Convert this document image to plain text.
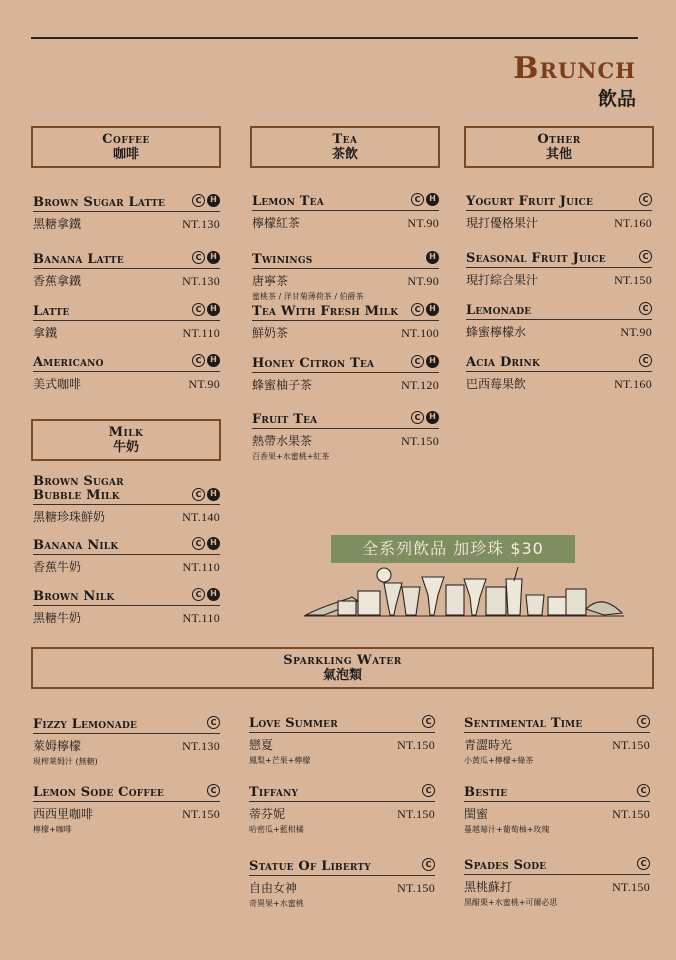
Brunch
飲品
Coffee
咖啡
Tea
茶飲
Other
其他
Milk
牛奶
Sparkling Water
氣泡類
Brown Sugar Latte	C	H
黑糖拿鐵	NT.130
Banana Latte	C	H
香蕉拿鐵	NT.130
Latte	C	H
拿鐵	NT.110
Americano	C	H
美式咖啡	NT.90
Lemon Tea	C	H
檸檬紅茶	NT.90
Twinings	H
唐寧茶	NT.90
蜜桃茶 / 洋甘菊薄荷茶 / 伯爵茶
Tea With Fresh Milk	C	H
鮮奶茶	NT.100
Honey Citron Tea	C	H
蜂蜜柚子茶	NT.120
Fruit Tea	C	H
熱帶水果茶	NT.150
百香果+水蜜桃+紅茶
Yogurt Fruit Juice	C
現打優格果汁	NT.160
Seasonal Fruit Juice	C
現打綜合果汁	NT.150
Lemonade	C
蜂蜜檸檬水	NT.90
Acia Drink	C
巴西莓果飲	NT.160
Brown Sugar
Bubble Milk	C	H
黑糖珍珠鮮奶	NT.140
Banana Nilk	C	H
香蕉牛奶	NT.110
Brown Nilk	C	H
黑糖牛奶	NT.110
全系列飲品 加珍珠 $30
Fizzy Lemonade	C
萊姆檸檬	NT.130
現榨萊姆汁 (無糖)
Lemon Sode Coffee	C
西西里咖啡	NT.150
檸檬+咖啡
Love Summer	C
戀夏	NT.150
鳳梨+芒果+檸檬
Tiffany	C
蒂芬妮	NT.150
哈密瓜+藍柑橘
Statue Of Liberty	C
自由女神	NT.150
奇異果+水蜜桃
Sentimental Time	C
青澀時光	NT.150
小黃瓜+檸檬+綠茶
Bestie	C
閨蜜	NT.150
蔓越莓汁+葡萄柚+玫瑰
Spades Sode	C
黑桃蘇打	NT.150
黑醋栗+水蜜桃+可爾必思
